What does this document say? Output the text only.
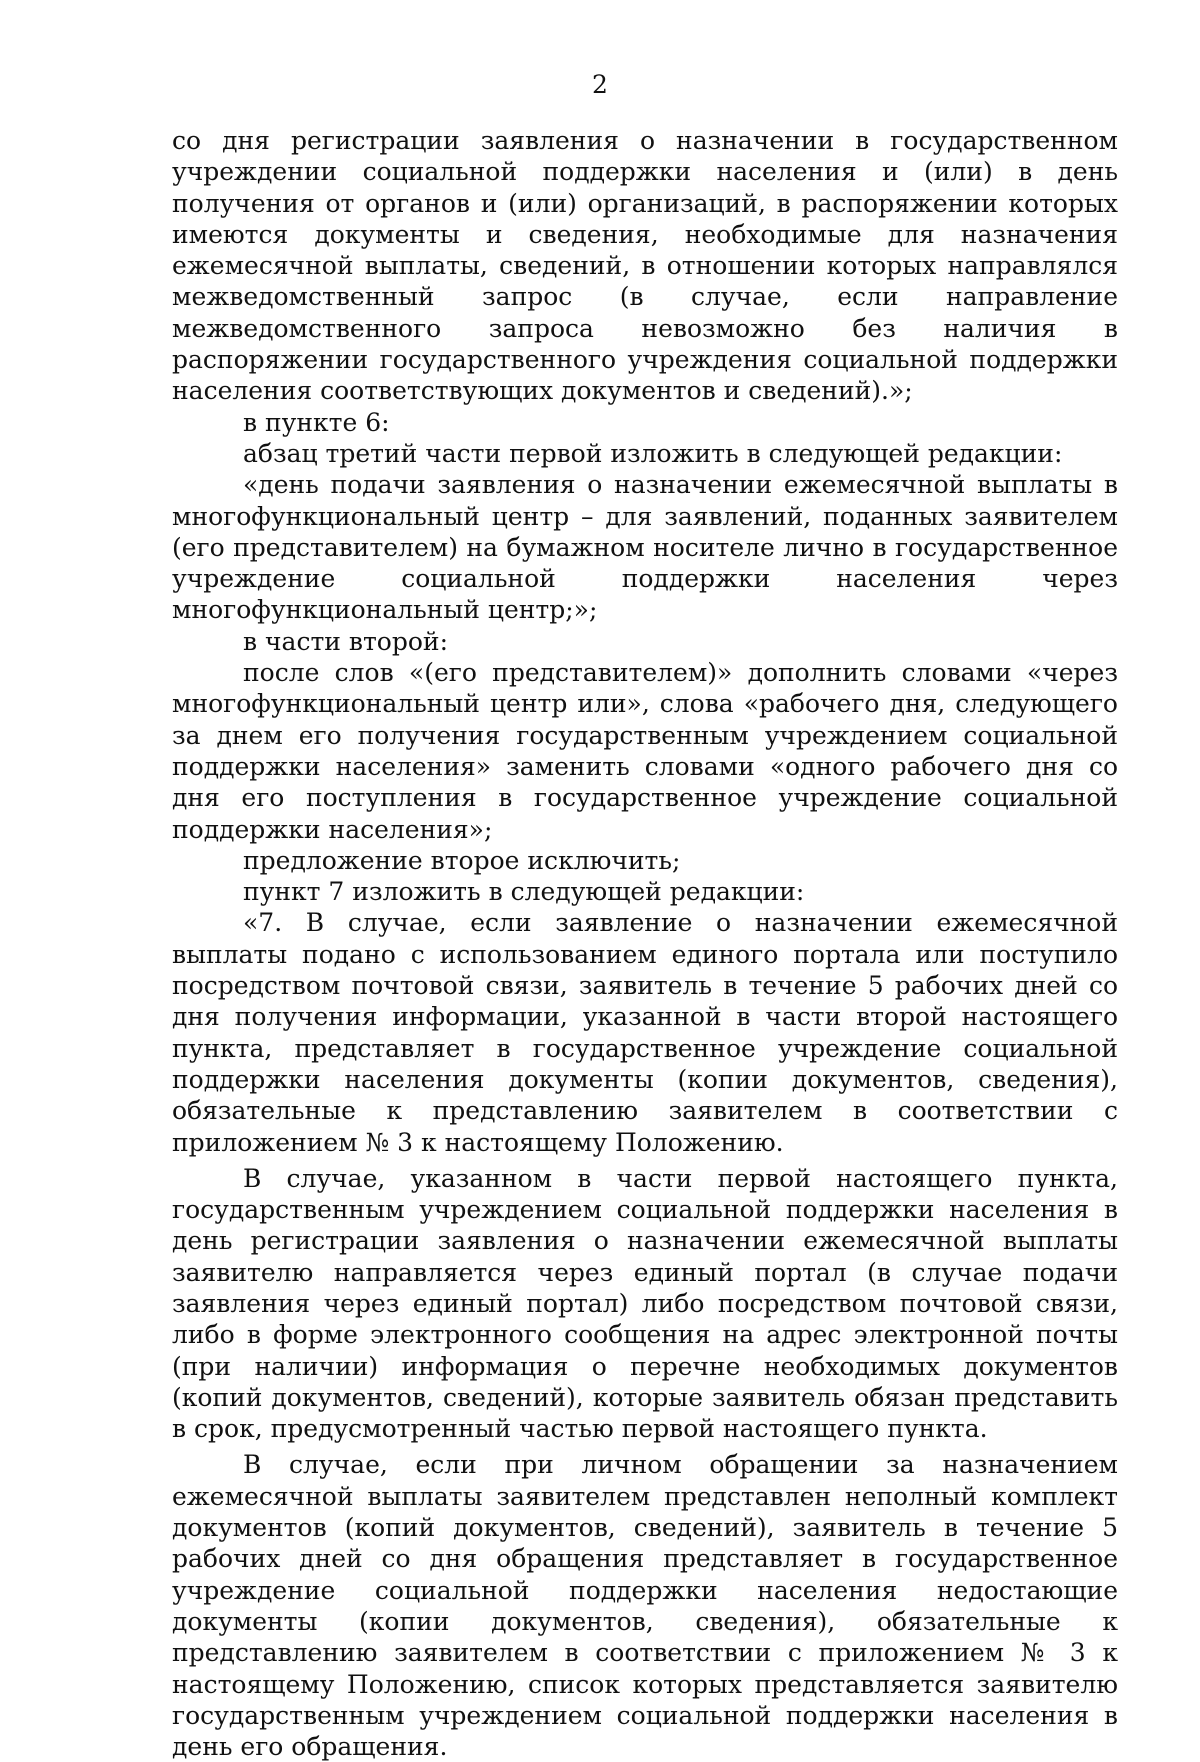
2

со дня регистрации заявления о назначении в государственном учреждении социальной поддержки населения и (или) в день получения от органов и (или) организаций, в распоряжении которых имеются документы и сведения, необходимые для назначения ежемесячной выплаты, сведений, в отношении которых направлялся межведомственный запрос (в случае, если направление межведомственного запроса невозможно без наличия в распоряжении государственного учреждения социальной поддержки населения соответствующих документов и сведений).»;

в пункте 6:

абзац третий части первой изложить в следующей редакции:

«день подачи заявления о назначении ежемесячной выплаты в многофункциональный центр – для заявлений, поданных заявителем (его представителем) на бумажном носителе лично в государственное учреждение социальной поддержки населения через многофункциональный центр;»;

в части второй:

после слов «(его представителем)» дополнить словами «через многофункциональный центр или», слова «рабочего дня, следующего за днем его получения государственным учреждением социальной поддержки населения» заменить словами «одного рабочего дня со дня его поступления в государственное учреждение социальной поддержки населения»;

предложение второе исключить;

пункт 7 изложить в следующей редакции:

«7. В случае, если заявление о назначении ежемесячной выплаты подано с использованием единого портала или поступило посредством почтовой связи, заявитель в течение 5 рабочих дней со дня получения информации, указанной в части второй настоящего пункта, представляет в государственное учреждение социальной поддержки населения документы (копии документов, сведения), обязательные к представлению заявителем в соответствии с приложением № 3 к настоящему Положению.

В случае, указанном в части первой настоящего пункта, государственным учреждением социальной поддержки населения в день регистрации заявления о назначении ежемесячной выплаты заявителю направляется через единый портал (в случае подачи заявления через единый портал) либо посредством почтовой связи, либо в форме электронного сообщения на адрес электронной почты (при наличии) информация о перечне необходимых документов (копий документов, сведений), которые заявитель обязан представить в срок, предусмотренный частью первой настоящего пункта.

В случае, если при личном обращении за назначением ежемесячной выплаты заявителем представлен неполный комплект документов (копий документов, сведений), заявитель в течение 5 рабочих дней со дня обращения представляет в государственное учреждение социальной поддержки населения недостающие документы (копии документов, сведения), обязательные к представлению заявителем в соответствии с приложением № 3 к настоящему Положению, список которых представляется заявителю государственным учреждением социальной поддержки населения в день его обращения.
